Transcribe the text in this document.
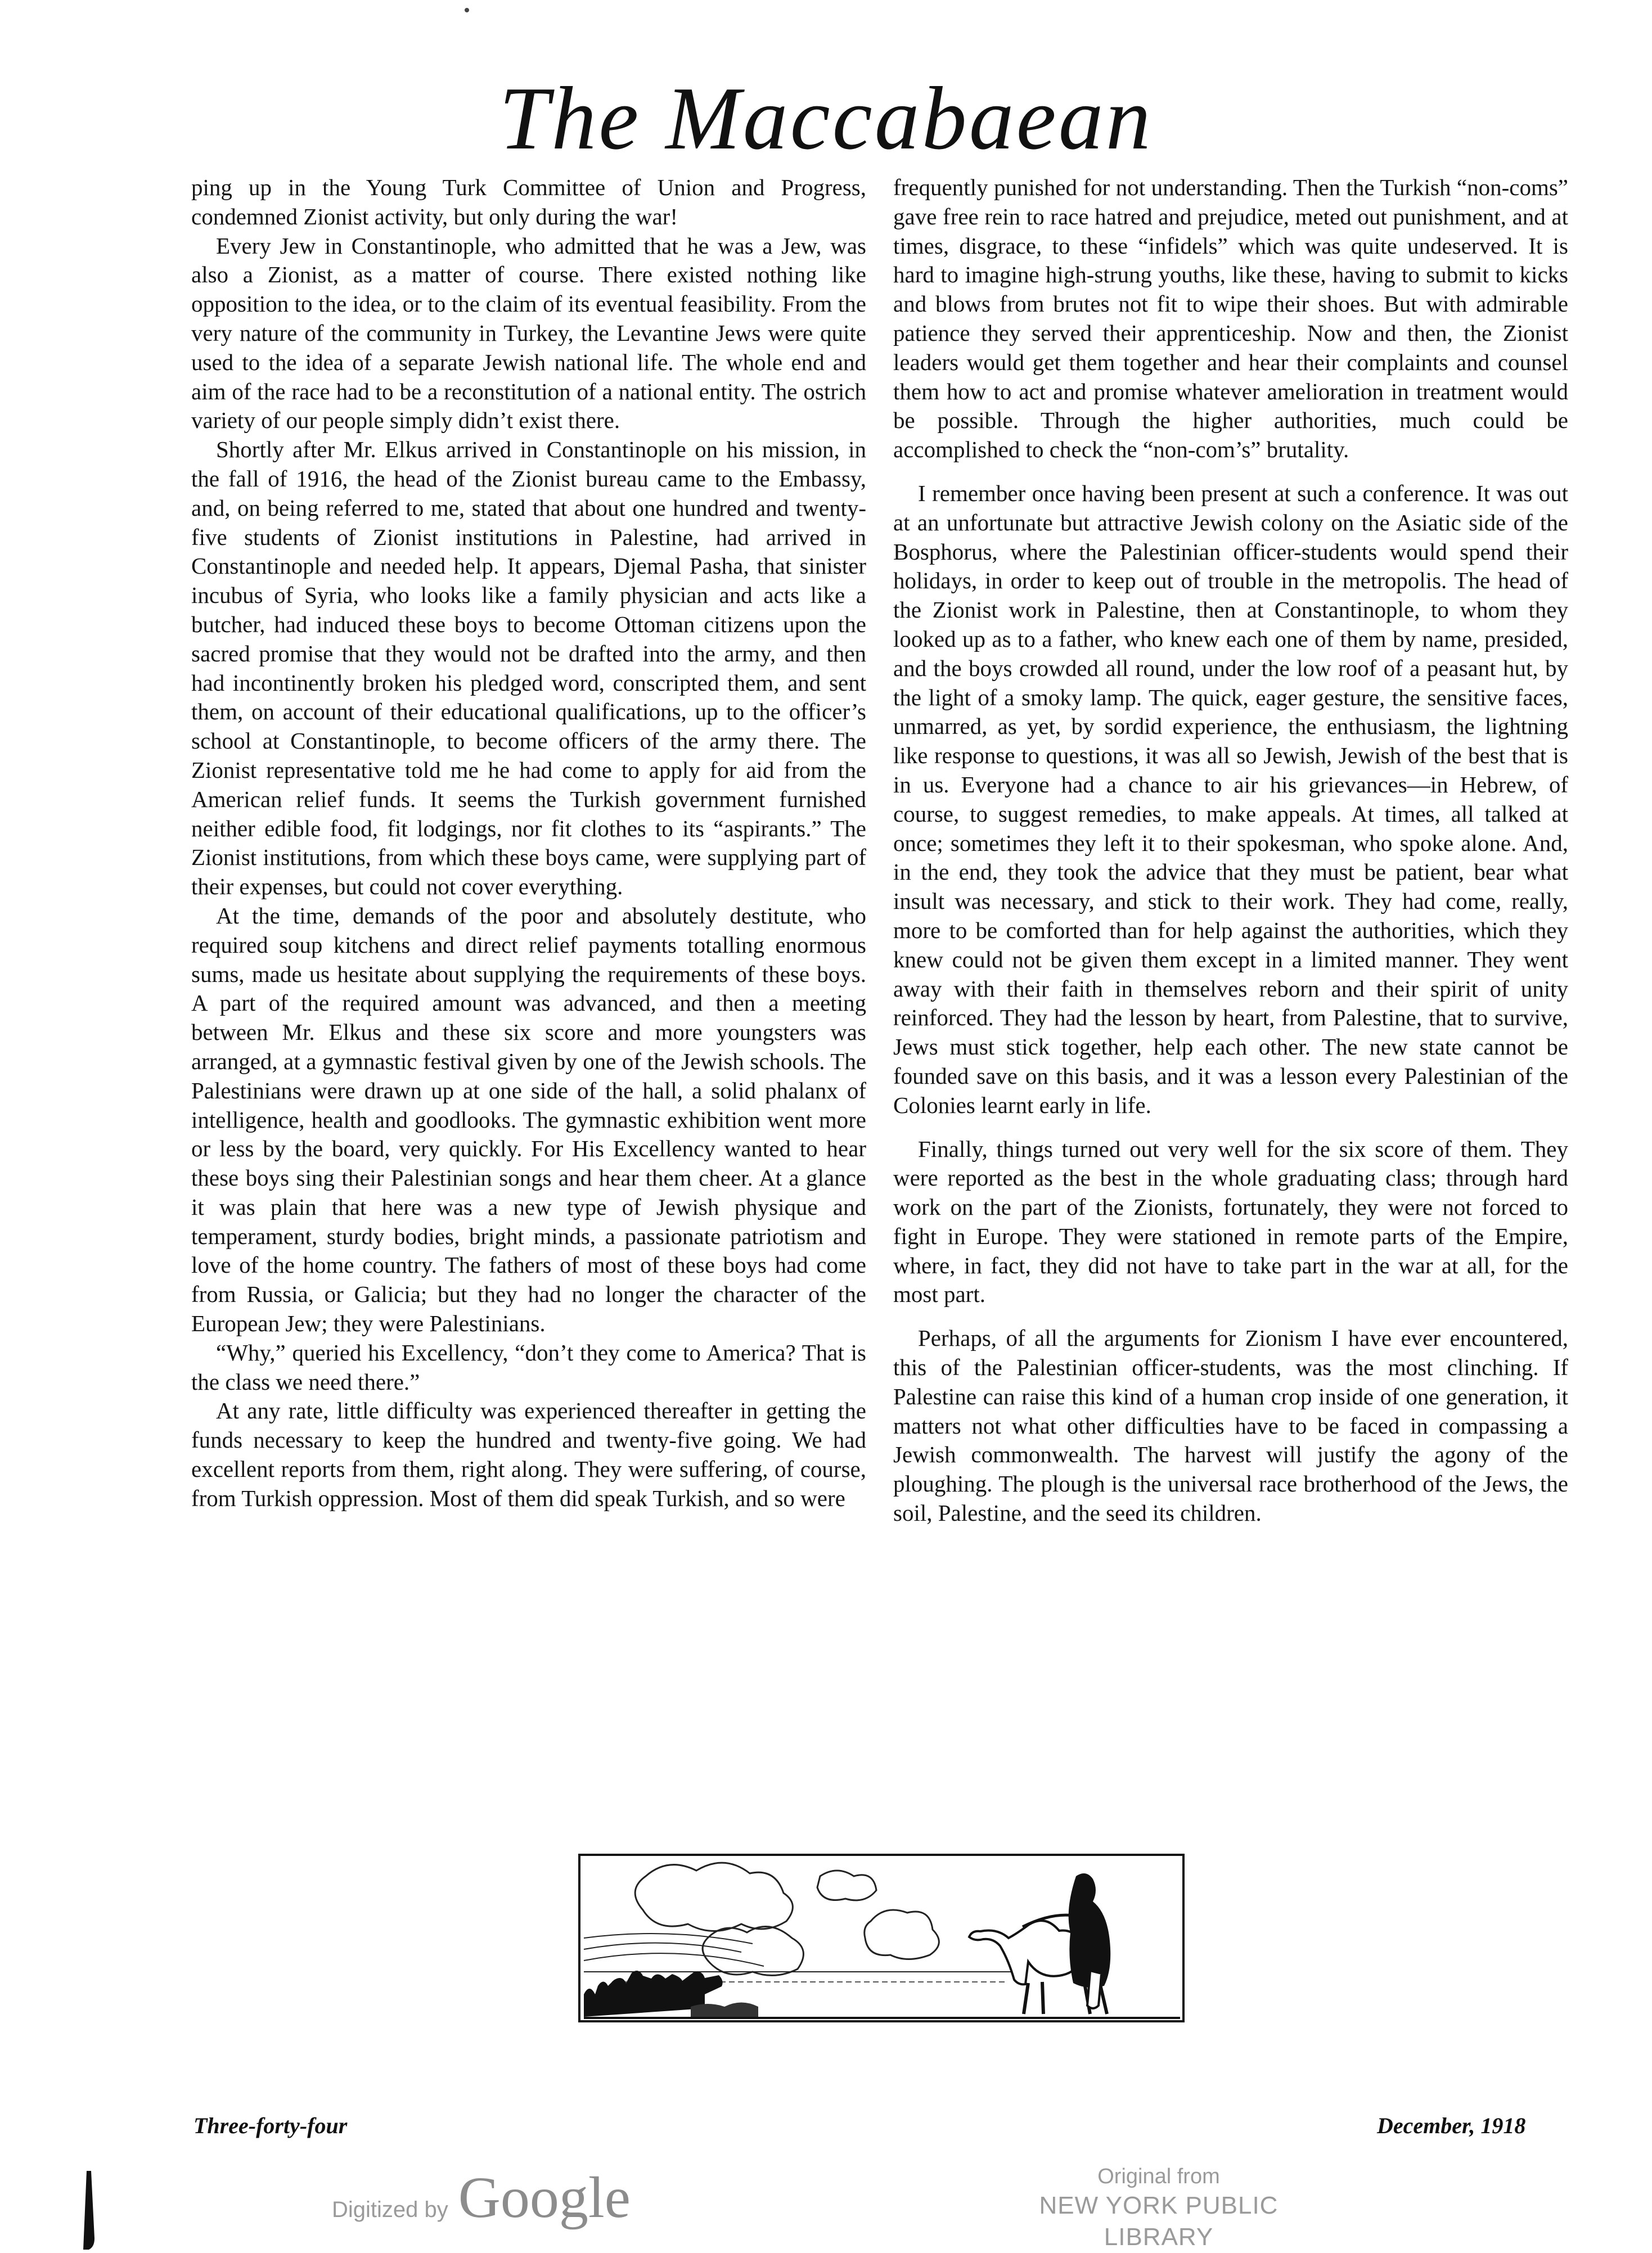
The Maccabaean

ping up in the Young Turk Committee of Union and Progress, condemned Zionist activity, but only during the war!

Every Jew in Constantinople, who admitted that he was a Jew, was also a Zionist, as a matter of course. There existed nothing like opposition to the idea, or to the claim of its eventual feasibility. From the very nature of the community in Turkey, the Levantine Jews were quite used to the idea of a separate Jewish national life. The whole end and aim of the race had to be a reconstitution of a national entity. The ostrich variety of our people simply didn’t exist there.

Shortly after Mr. Elkus arrived in Constantinople on his mission, in the fall of 1916, the head of the Zionist bureau came to the Embassy, and, on being referred to me, stated that about one hundred and twenty-five students of Zionist institutions in Palestine, had arrived in Constantinople and needed help. It appears, Djemal Pasha, that sinister incubus of Syria, who looks like a family physician and acts like a butcher, had induced these boys to become Ottoman citizens upon the sacred promise that they would not be drafted into the army, and then had incontinently broken his pledged word, conscripted them, and sent them, on account of their educational qualifications, up to the officer’s school at Constantinople, to become officers of the army there. The Zionist representative told me he had come to apply for aid from the American relief funds. It seems the Turkish government furnished neither edible food, fit lodgings, nor fit clothes to its “aspirants.” The Zionist institutions, from which these boys came, were supplying part of their expenses, but could not cover everything.

At the time, demands of the poor and absolutely destitute, who required soup kitchens and direct relief payments totalling enormous sums, made us hesitate about supplying the requirements of these boys. A part of the required amount was advanced, and then a meeting between Mr. Elkus and these six score and more youngsters was arranged, at a gymnastic festival given by one of the Jewish schools. The Palestinians were drawn up at one side of the hall, a solid phalanx of intelligence, health and goodlooks. The gymnastic exhibition went more or less by the board, very quickly. For His Excellency wanted to hear these boys sing their Palestinian songs and hear them cheer. At a glance it was plain that here was a new type of Jewish physique and temperament, sturdy bodies, bright minds, a passionate patriotism and love of the home country. The fathers of most of these boys had come from Russia, or Galicia; but they had no longer the character of the European Jew; they were Palestinians.

“Why,” queried his Excellency, “don’t they come to America? That is the class we need there.”

At any rate, little difficulty was experienced thereafter in getting the funds necessary to keep the hundred and twenty-five going. We had excellent reports from them, right along. They were suffering, of course, from Turkish oppression. Most of them did speak Turkish, and so were

frequently punished for not understanding. Then the Turkish “non-coms” gave free rein to race hatred and prejudice, meted out punishment, and at times, disgrace, to these “infidels” which was quite undeserved. It is hard to imagine high-strung youths, like these, having to submit to kicks and blows from brutes not fit to wipe their shoes. But with admirable patience they served their apprenticeship. Now and then, the Zionist leaders would get them together and hear their complaints and counsel them how to act and promise whatever amelioration in treatment would be possible. Through the higher authorities, much could be accomplished to check the “non-com’s” brutality.

I remember once having been present at such a conference. It was out at an unfortunate but attractive Jewish colony on the Asiatic side of the Bosphorus, where the Palestinian officer-students would spend their holidays, in order to keep out of trouble in the metropolis. The head of the Zionist work in Palestine, then at Constantinople, to whom they looked up as to a father, who knew each one of them by name, presided, and the boys crowded all round, under the low roof of a peasant hut, by the light of a smoky lamp. The quick, eager gesture, the sensitive faces, unmarred, as yet, by sordid experience, the enthusiasm, the lightning like response to questions, it was all so Jewish, Jewish of the best that is in us. Everyone had a chance to air his grievances—in Hebrew, of course, to suggest remedies, to make appeals. At times, all talked at once; sometimes they left it to their spokesman, who spoke alone. And, in the end, they took the advice that they must be patient, bear what insult was necessary, and stick to their work. They had come, really, more to be comforted than for help against the authorities, which they knew could not be given them except in a limited manner. They went away with their faith in themselves reborn and their spirit of unity reinforced. They had the lesson by heart, from Palestine, that to survive, Jews must stick together, help each other. The new state cannot be founded save on this basis, and it was a lesson every Palestinian of the Colonies learnt early in life.

Finally, things turned out very well for the six score of them. They were reported as the best in the whole graduating class; through hard work on the part of the Zionists, fortunately, they were not forced to fight in Europe. They were stationed in remote parts of the Empire, where, in fact, they did not have to take part in the war at all, for the most part.

Perhaps, of all the arguments for Zionism I have ever encountered, this of the Palestinian officer-students, was the most clinching. If Palestine can raise this kind of a human crop inside of one generation, it matters not what other difficulties have to be faced in compassing a Jewish commonwealth. The harvest will justify the agony of the ploughing. The plough is the universal race brotherhood of the Jews, the soil, Palestine, and the seed its children.

Three-forty-four	December, 1918
Digitized by Google	Original from
NEW YORK PUBLIC LIBRARY
